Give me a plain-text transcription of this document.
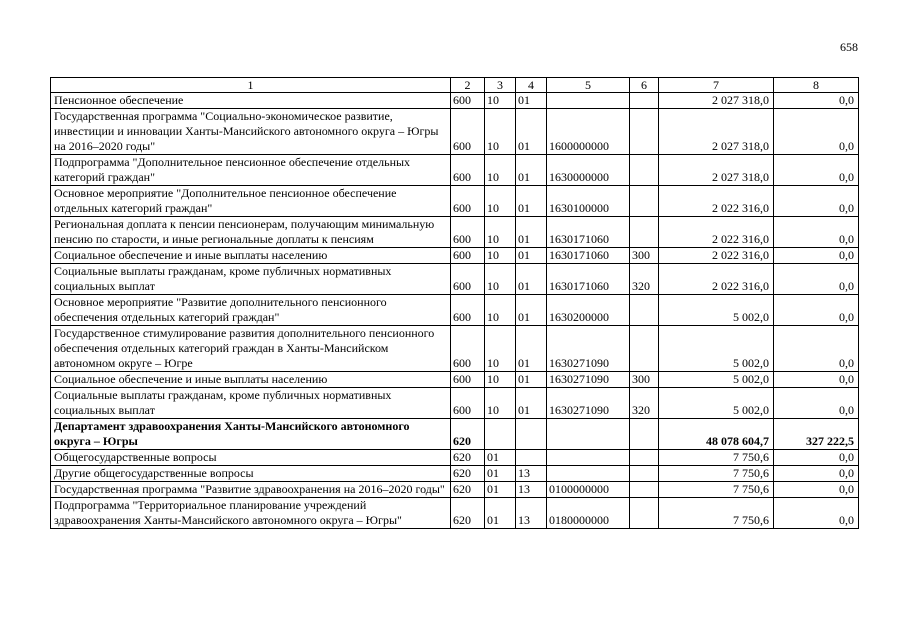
658
1	2	3	4	5	6	7	8
Пенсионное обеспечение	600	10	01			2 027 318,0	0,0
Государственная программа "Социально-экономическое развитие, инвестиции и инновации Ханты-Мансийского автономного округа – Югры на 2016–2020 годы"	600	10	01	1600000000		2 027 318,0	0,0
Подпрограмма "Дополнительное пенсионное обеспечение отдельных категорий граждан"	600	10	01	1630000000		2 027 318,0	0,0
Основное мероприятие "Дополнительное пенсионное обеспечение отдельных категорий граждан"	600	10	01	1630100000		2 022 316,0	0,0
Региональная доплата к пенсии пенсионерам, получающим минимальную пенсию по старости, и иные региональные доплаты к пенсиям	600	10	01	1630171060		2 022 316,0	0,0
Социальное обеспечение и иные выплаты населению	600	10	01	1630171060	300	2 022 316,0	0,0
Социальные выплаты гражданам, кроме публичных нормативных социальных выплат	600	10	01	1630171060	320	2 022 316,0	0,0
Основное мероприятие "Развитие дополнительного пенсионного обеспечения отдельных категорий граждан"	600	10	01	1630200000		5 002,0	0,0
Государственное стимулирование развития дополнительного пенсионного обеспечения отдельных категорий граждан в Ханты-Мансийском автономном округе – Югре	600	10	01	1630271090		5 002,0	0,0
Социальное обеспечение и иные выплаты населению	600	10	01	1630271090	300	5 002,0	0,0
Социальные выплаты гражданам, кроме публичных нормативных социальных выплат	600	10	01	1630271090	320	5 002,0	0,0
Департамент здравоохранения Ханты-Мансийского автономного округа – Югры	620					48 078 604,7	327 222,5
Общегосударственные вопросы	620	01				7 750,6	0,0
Другие общегосударственные вопросы	620	01	13			7 750,6	0,0
Государственная программа "Развитие здравоохранения на 2016–2020 годы"	620	01	13	0100000000		7 750,6	0,0
Подпрограмма "Территориальное планирование учреждений здравоохранения Ханты-Мансийского автономного округа – Югры"	620	01	13	0180000000		7 750,6	0,0
